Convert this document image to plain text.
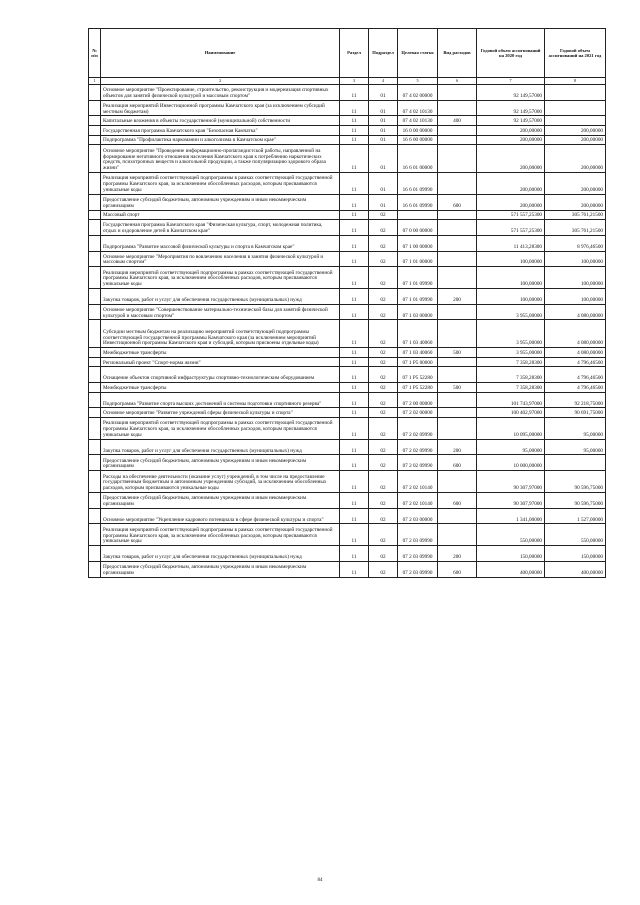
№ п/п	Наименование	Раздел	Подраздел	Целевая статья	Вид расходов	Годовой объем ассигнований на 2020 год	Годовой объем ассигнований на 2021 год
1	2	3	4	5	6	7	8
	Основное мероприятие "Проектирование, строительство, реконструкция и модернизация спортивных объектов для занятий физической культурой и массовым спортом"	11	01	07 4 02 00000		92 149,57000	
	Реализация мероприятий Инвестиционной программы Камчатского края (за исключением субсидий местным бюджетам)	11	01	07 4 02 10130		92 149,57000	
	Капитальные вложения в объекты государственной (муниципальной) собственности	11	01	07 4 02 10130	400	92 149,57000	
	Государственная программа Камчатского края "Безопасная Камчатка"	11	01	16 0 00 00000		200,00000	200,00000
	Подпрограмма "Профилактика наркомании и алкоголизма в Камчатском крае"	11	01	16 6 00 00000		200,00000	200,00000
	Основное мероприятие "Проведение информационно-пропагандистской работы, направленной на формирование негативного отношения населения Камчатского края к потреблению наркотических средств, психотропных веществ и алкогольной продукции, а также популяризацию здорового образа жизни"	11	01	16 6 01 00000		200,00000	200,00000
	Реализация мероприятий соответствующей подпрограммы в рамках соответствующей государственной программы Камчатского края, за исключением обособленных расходов, которым присваиваются уникальные коды	11	01	16 6 01 09990		200,00000	200,00000
	Предоставление субсидий бюджетным, автономным учреждениям и иным некоммерческим организациям	11	01	16 6 01 09990	600	200,00000	200,00000
	Массовый спорт	11	02			571 557,25300	305 761,21500
	Государственная программа Камчатского края "Физическая культура, спорт, молодежная политика, отдых и оздоровление детей в Камчатском крае"	11	02	07 0 00 00000		571 557,25300	305 761,21500
	Подпрограмма "Развитие массовой физической культуры и спорта в Камчатском крае"	11	02	07 1 00 00000		11 413,28300	8 976,46500
	Основное мероприятие "Мероприятия по вовлечению населения в занятия физической культурой и массовым спортом"	11	02	07 1 01 00000		100,00000	100,00000
	Реализация мероприятий соответствующей подпрограммы в рамках соответствующей государственной программы Камчатского края, за исключением обособленных расходов, которым присваиваются уникальные коды	11	02	07 1 01 09990		100,00000	100,00000
	Закупка товаров, работ и услуг для обеспечения государственных (муниципальных) нужд	11	02	07 1 01 09990	200	100,00000	100,00000
	Основное мероприятие "Совершенствование материально-технической базы для занятий физической культурой и массовым спортом"	11	02	07 1 03 00000		3 955,00000	4 080,00000
	Субсидии местным бюджетам на реализацию мероприятий соответствующей подпрограммы соответствующей государственной программы Камчатского края (за исключением мероприятий Инвестиционной программы Камчатского края и субсидий, которым присвоены отдельные коды)	11	02	07 1 03 40060		3 955,00000	4 080,00000
	Межбюджетные трансферты	11	02	07 1 03 40060	500	3 955,00000	4 080,00000
	Региональный проект "Спорт-норма жизни"	11	02	07 1 P5 00000		7 358,28300	4 796,46500
	Оснащение объектов спортивной инфраструктуры спортивно-технологическим оборудованием	11	02	07 1 P5 52280		7 358,28300	4 796,46500
	Межбюджетные трансферты	11	02	07 1 P5 52280	500	7 358,28300	4 796,46500
	Подпрограмма "Развитие спорта высших достижений и системы подготовки спортивного резерва"	11	02	07 2 00 00000		101 743,97000	92 218,75000
	Основное мероприятие "Развитие учреждений сферы физической культуры и спорта"	11	02	07 2 02 00000		100 402,97000	90 691,75000
	Реализация мероприятий соответствующей подпрограммы в рамках соответствующей государственной программы Камчатского края, за исключением обособленных расходов, которым присваиваются уникальные коды	11	02	07 2 02 09990		10 095,00000	95,00000
	Закупка товаров, работ и услуг для обеспечения государственных (муниципальных) нужд	11	02	07 2 02 09990	200	95,00000	95,00000
	Предоставление субсидий бюджетным, автономным учреждениям и иным некоммерческим организациям	11	02	07 2 02 09990	600	10 000,00000	
	Расходы на обеспечение деятельности (оказание услуг) учреждений, в том числе на предоставление государственным бюджетным и автономным учреждениям субсидий, за исключением обособленных расходов, которым присваиваются уникальные коды	11	02	07 2 02 10140		90 307,97000	90 596,75000
	Предоставление субсидий бюджетным, автономным учреждениям и иным некоммерческим организациям	11	02	07 2 02 10140	600	90 307,97000	90 596,75000
	Основное мероприятие "Укрепление кадрового потенциала в сфере физической культуры и спорта"	11	02	07 2 03 00000		1 341,00000	1 527,00000
	Реализация мероприятий соответствующей подпрограммы в рамках соответствующей государственной программы Камчатского края, за исключением обособленных расходов, которым присваиваются уникальные коды	11	02	07 2 03 09990		550,00000	550,00000
	Закупка товаров, работ и услуг для обеспечения государственных (муниципальных) нужд	11	02	07 2 03 09990	200	150,00000	150,00000
	Предоставление субсидий бюджетным, автономным учреждениям и иным некоммерческим организациям	11	02	07 2 03 09990	600	400,00000	400,00000
84
